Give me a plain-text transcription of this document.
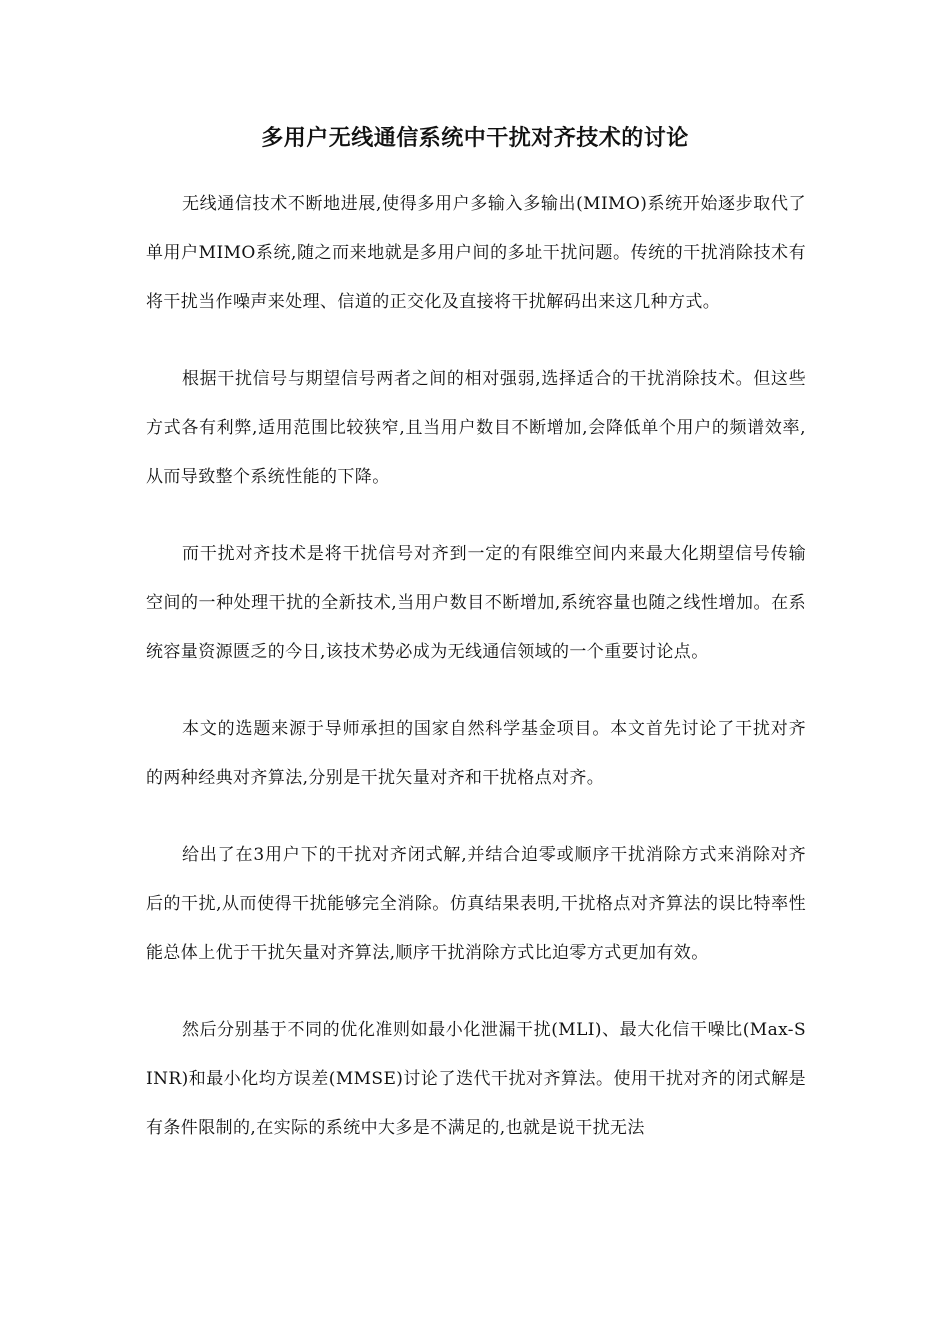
多用户无线通信系统中干扰对齐技术的讨论

无线通信技术不断地进展,使得多用户多输入多输出(MIMO)系统开始逐步取代了单用户MIMO系统,随之而来地就是多用户间的多址干扰问题。传统的干扰消除技术有将干扰当作噪声来处理、信道的正交化及直接将干扰解码出来这几种方式。

根据干扰信号与期望信号两者之间的相对强弱,选择适合的干扰消除技术。但这些方式各有利弊,适用范围比较狭窄,且当用户数目不断增加,会降低单个用户的频谱效率,从而导致整个系统性能的下降。

而干扰对齐技术是将干扰信号对齐到一定的有限维空间内来最大化期望信号传输空间的一种处理干扰的全新技术,当用户数目不断增加,系统容量也随之线性增加。在系统容量资源匮乏的今日,该技术势必成为无线通信领域的一个重要讨论点。

本文的选题来源于导师承担的国家自然科学基金项目。本文首先讨论了干扰对齐的两种经典对齐算法,分别是干扰矢量对齐和干扰格点对齐。

给出了在3用户下的干扰对齐闭式解,并结合迫零或顺序干扰消除方式来消除对齐后的干扰,从而使得干扰能够完全消除。仿真结果表明,干扰格点对齐算法的误比特率性能总体上优于干扰矢量对齐算法,顺序干扰消除方式比迫零方式更加有效。

然后分别基于不同的优化准则如最小化泄漏干扰(MLI)、最大化信干噪比(Max-SINR)和最小化均方误差(MMSE)讨论了迭代干扰对齐算法。使用干扰对齐的闭式解是有条件限制的,在实际的系统中大多是不满足的,也就是说干扰无法
